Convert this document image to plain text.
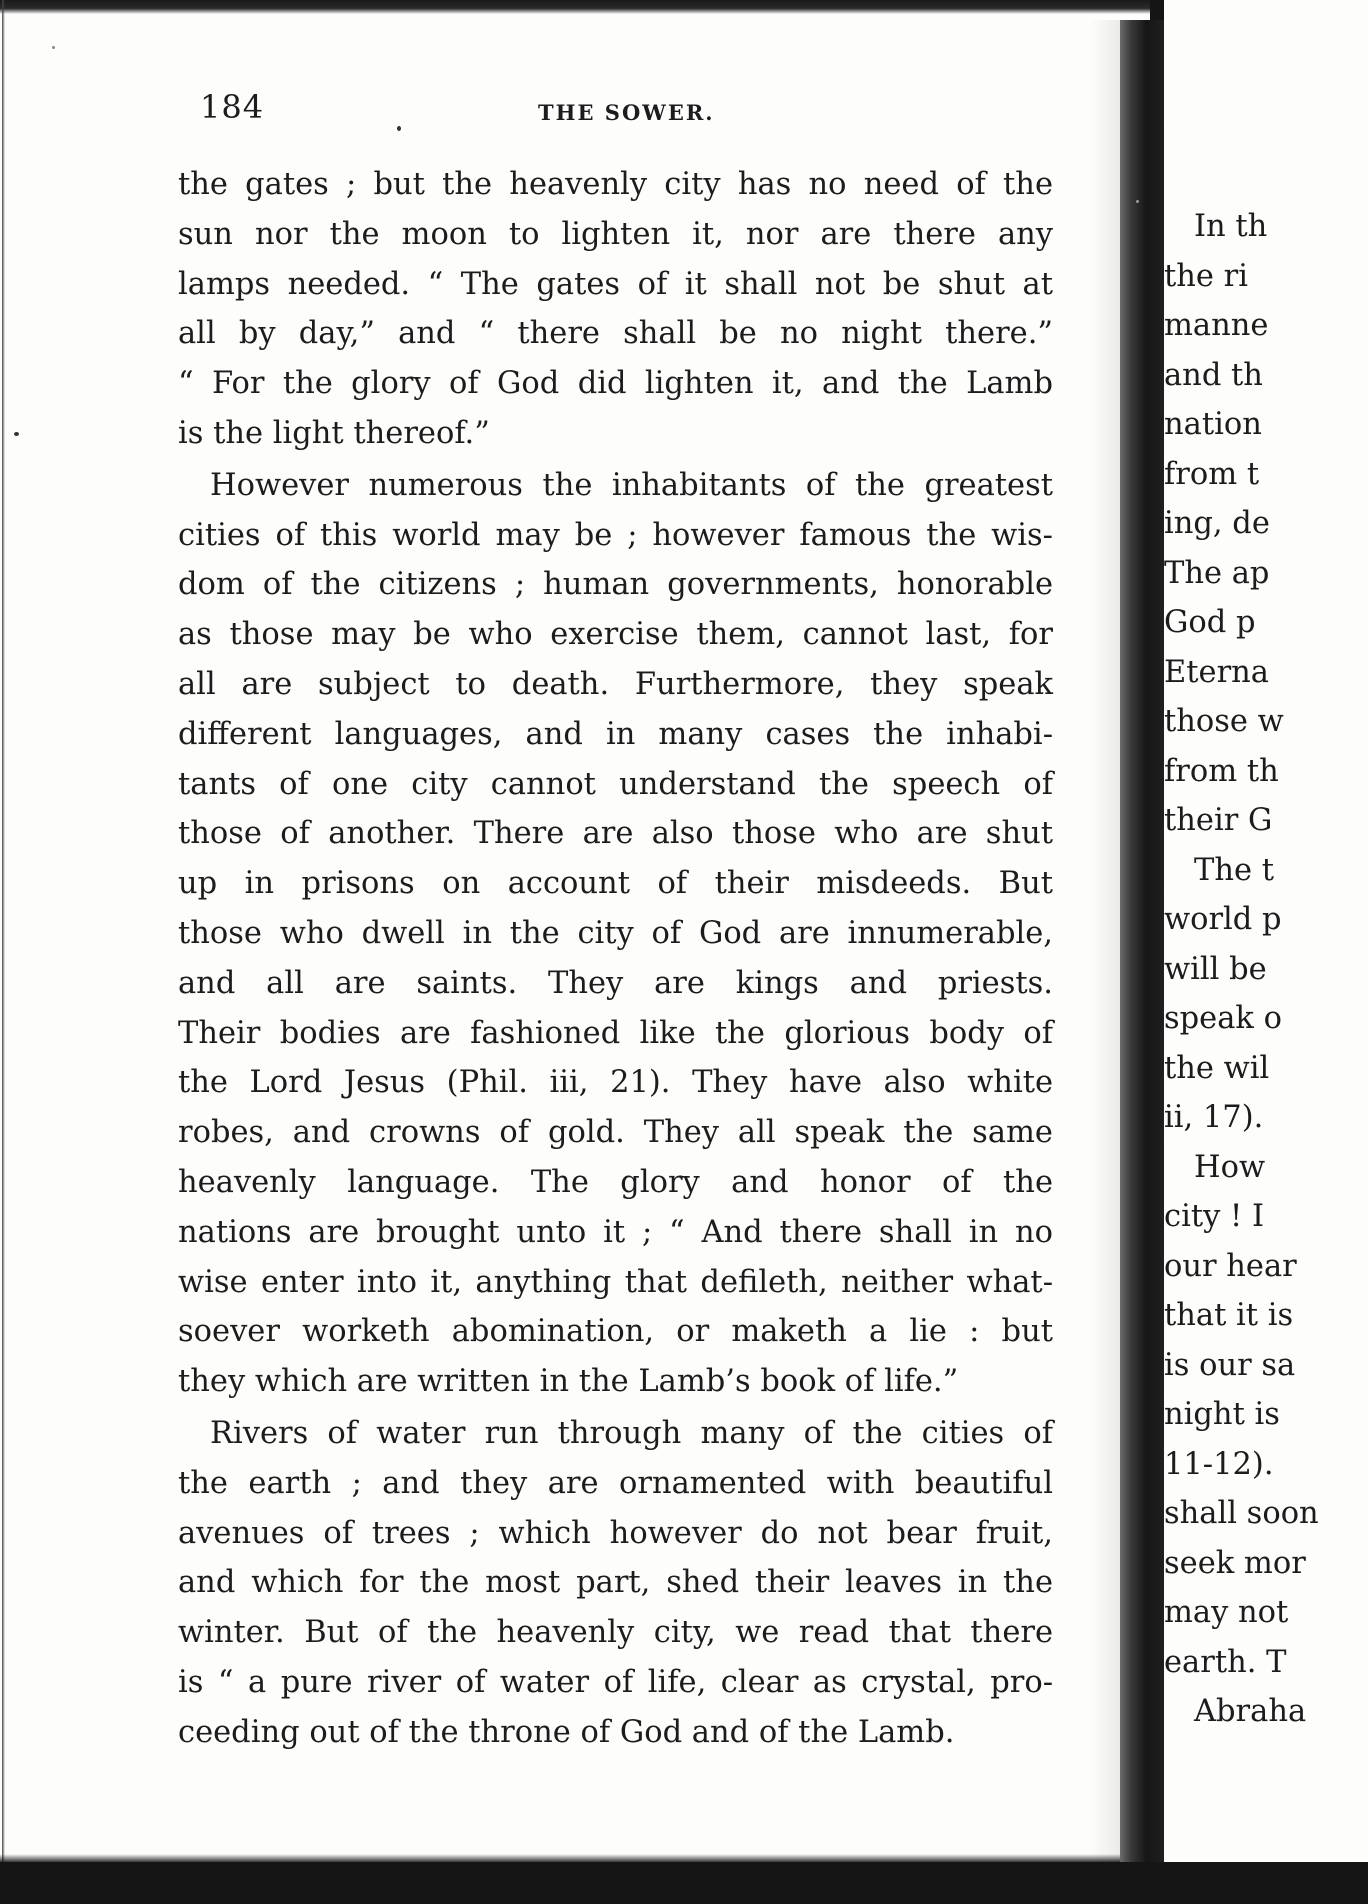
184	THE SOWER.
the gates ; but the heavenly city has no need of the
sun nor the moon to lighten it, nor are there any
lamps needed. “ The gates of it shall not be shut at
all by day,” and “ there shall be no night there.”
“ For the glory of God did lighten it, and the Lamb
is the light thereof.”
However numerous the inhabitants of the greatest
cities of this world may be ; however famous the wis-
dom of the citizens ; human governments, honorable
as those may be who exercise them, cannot last, for
all are subject to death. Furthermore, they speak
different languages, and in many cases the inhabi-
tants of one city cannot understand the speech of
those of another. There are also those who are shut
up in prisons on account of their misdeeds. But
those who dwell in the city of God are innumerable,
and all are saints. They are kings and priests.
Their bodies are fashioned like the glorious body of
the Lord Jesus (Phil. iii, 21). They have also white
robes, and crowns of gold. They all speak the same
heavenly language. The glory and honor of the
nations are brought unto it ; “ And there shall in no
wise enter into it, anything that defileth, neither what-
soever worketh abomination, or maketh a lie : but
they which are written in the Lamb’s book of life.”
Rivers of water run through many of the cities of
the earth ; and they are ornamented with beautiful
avenues of trees ; which however do not bear fruit,
and which for the most part, shed their leaves in the
winter. But of the heavenly city, we read that there
is “ a pure river of water of life, clear as crystal, pro-
ceeding out of the throne of God and of the Lamb.
In th
the ri
manne
and th
nation
from t
ing, de
The ap
God p
Eterna
those w
from th
their G
The t
world p
will be
speak o
the wil
ii, 17).
How
city ! I
our hear
that it is
is our sa
night is
11-12).
shall soon
seek mor
may not
earth. T
Abraha
